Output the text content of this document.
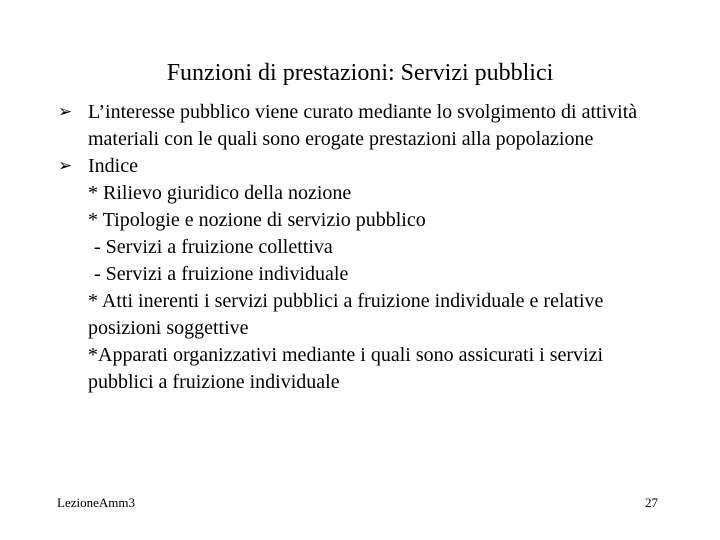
Funzioni di prestazioni: Servizi pubblici
➢ L’interesse pubblico viene curato mediante lo svolgimento di attività materiali con le quali sono erogate prestazioni alla popolazione
➢ Indice
* Rilievo giuridico della nozione
* Tipologie e nozione di servizio pubblico
- Servizi a fruizione collettiva
- Servizi a fruizione individuale
* Atti inerenti i servizi pubblici a fruizione individuale e relative posizioni soggettive
*Apparati organizzativi mediante i quali sono assicurati i servizi pubblici a fruizione individuale
LezioneAmm3	27
